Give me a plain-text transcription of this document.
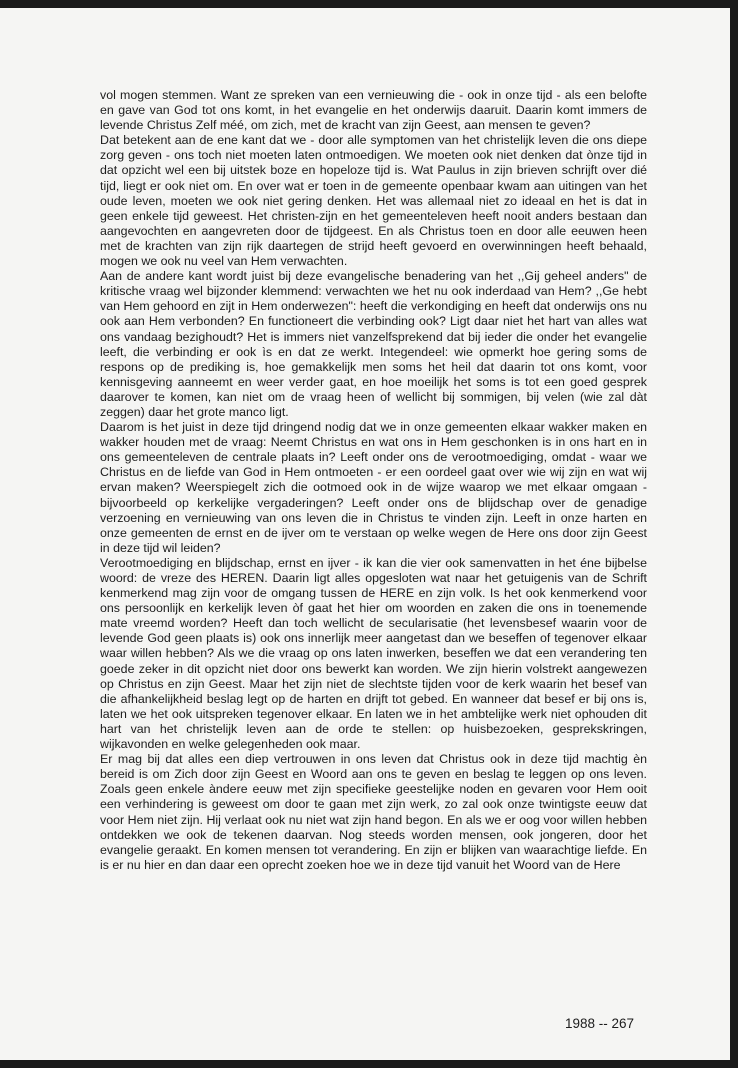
vol mogen stemmen. Want ze spreken van een vernieuwing die - ook in onze tijd - als een belofte en gave van God tot ons komt, in het evangelie en het onderwijs daaruit. Daarin komt immers de levende Christus Zelf méé, om zich, met de kracht van zijn Geest, aan mensen te geven?

Dat betekent aan de ene kant dat we - door alle symptomen van het christelijk leven die ons diepe zorg geven - ons toch niet moeten laten ontmoedigen. We moeten ook niet denken dat ònze tijd in dat opzicht wel een bij uitstek boze en hopeloze tijd is. Wat Paulus in zijn brieven schrijft over dié tijd, liegt er ook niet om. En over wat er toen in de gemeente openbaar kwam aan uitingen van het oude leven, moeten we ook niet gering denken. Het was allemaal niet zo ideaal en het is dat in geen enkele tijd geweest. Het christen-zijn en het gemeenteleven heeft nooit anders bestaan dan aangevochten en aangevreten door de tijdgeest. En als Christus toen en door alle eeuwen heen met de krachten van zijn rijk daartegen de strijd heeft gevoerd en overwinningen heeft behaald, mogen we ook nu veel van Hem verwachten.

Aan de andere kant wordt juist bij deze evangelische benadering van het ,,Gij geheel anders" de kritische vraag wel bijzonder klemmend: verwachten we het nu ook inderdaad van Hem? ,,Ge hebt van Hem gehoord en zijt in Hem onderwezen": heeft die verkondiging en heeft dat onderwijs ons nu ook aan Hem verbonden? En functioneert die verbinding ook? Ligt daar niet het hart van alles wat ons vandaag bezighoudt? Het is immers niet vanzelfsprekend dat bij ieder die onder het evangelie leeft, die verbinding er ook ìs en dat ze werkt. Integendeel: wie opmerkt hoe gering soms de respons op de prediking is, hoe gemakkelijk men soms het heil dat daarin tot ons komt, voor kennisgeving aanneemt en weer verder gaat, en hoe moeilijk het soms is tot een goed gesprek daarover te komen, kan niet om de vraag heen of wellicht bij sommigen, bij velen (wie zal dàt zeggen) daar het grote manco ligt.

Daarom is het juist in deze tijd dringend nodig dat we in onze gemeenten elkaar wakker maken en wakker houden met de vraag: Neemt Christus en wat ons in Hem geschonken is in ons hart en in ons gemeenteleven de centrale plaats in? Leeft onder ons de verootmoediging, omdat - waar we Christus en de liefde van God in Hem ontmoeten - er een oordeel gaat over wie wij zijn en wat wij ervan maken? Weerspiegelt zich die ootmoed ook in de wijze waarop we met elkaar omgaan - bijvoorbeeld op kerkelijke vergaderingen? Leeft onder ons de blijdschap over de genadige verzoening en vernieuwing van ons leven die in Christus te vinden zijn. Leeft in onze harten en onze gemeenten de ernst en de ijver om te verstaan op welke wegen de Here ons door zijn Geest in deze tijd wil leiden?

Verootmoediging en blijdschap, ernst en ijver - ik kan die vier ook samenvatten in het éne bijbelse woord: de vreze des HEREN. Daarin ligt alles opgesloten wat naar het getuigenis van de Schrift kenmerkend mag zijn voor de omgang tussen de HERE en zijn volk. Is het ook kenmerkend voor ons persoonlijk en kerkelijk leven òf gaat het hier om woorden en zaken die ons in toenemende mate vreemd worden? Heeft dan toch wellicht de secularisatie (het levensbesef waarin voor de levende God geen plaats is) ook ons innerlijk meer aangetast dan we beseffen of tegenover elkaar waar willen hebben? Als we die vraag op ons laten inwerken, beseffen we dat een verandering ten goede zeker in dit opzicht niet door ons bewerkt kan worden. We zijn hierin volstrekt aangewezen op Christus en zijn Geest. Maar het zijn niet de slechtste tijden voor de kerk waarin het besef van die afhankelijkheid beslag legt op de harten en drijft tot gebed. En wanneer dat besef er bij ons is, laten we het ook uitspreken tegenover elkaar. En laten we in het ambtelijke werk niet ophouden dit hart van het christelijk leven aan de orde te stellen: op huisbezoeken, gesprekskringen, wijkavonden en welke gelegenheden ook maar.

Er mag bij dat alles een diep vertrouwen in ons leven dat Christus ook in deze tijd machtig èn bereid is om Zich door zijn Geest en Woord aan ons te geven en beslag te leggen op ons leven. Zoals geen enkele àndere eeuw met zijn specifieke geestelijke noden en gevaren voor Hem ooit een verhindering is geweest om door te gaan met zijn werk, zo zal ook onze twintigste eeuw dat voor Hem niet zijn. Hij verlaat ook nu niet wat zijn hand begon. En als we er oog voor willen hebben ontdekken we ook de tekenen daarvan. Nog steeds worden mensen, ook jongeren, door het evangelie geraakt. En komen mensen tot verandering. En zijn er blijken van waarachtige liefde. En is er nu hier en dan daar een oprecht zoeken hoe we in deze tijd vanuit het Woord van de Here

1988 -- 267
